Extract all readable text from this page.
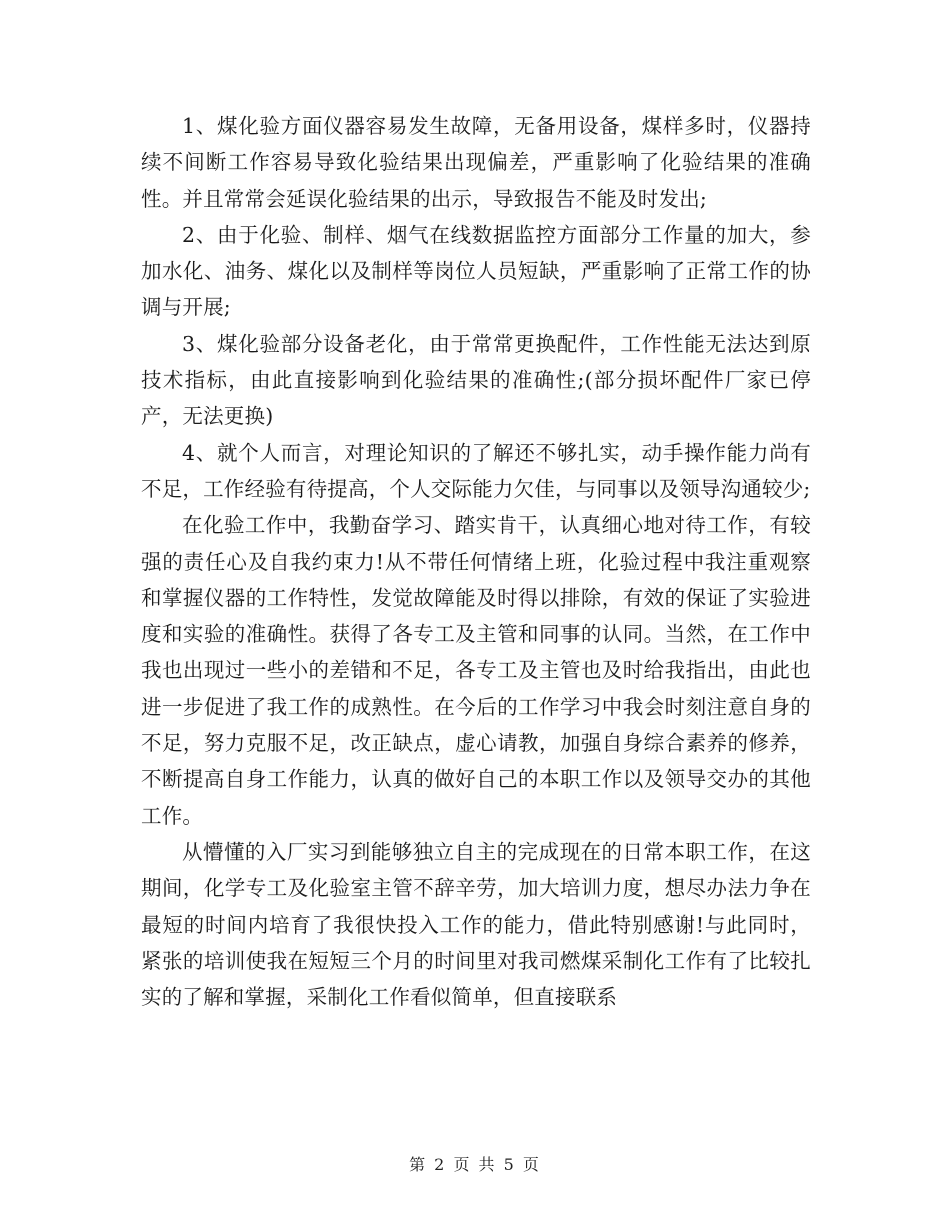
1、煤化验方面仪器容易发生故障，无备用设备，煤样多时，仪器持续不间断工作容易导致化验结果出现偏差，严重影响了化验结果的准确性。并且常常会延误化验结果的出示，导致报告不能及时发出;

2、由于化验、制样、烟气在线数据监控方面部分工作量的加大，参加水化、油务、煤化以及制样等岗位人员短缺，严重影响了正常工作的协调与开展;

3、煤化验部分设备老化，由于常常更换配件，工作性能无法达到原技术指标，由此直接影响到化验结果的准确性;(部分损坏配件厂家已停产，无法更换)

4、就个人而言，对理论知识的了解还不够扎实，动手操作能力尚有不足，工作经验有待提高，个人交际能力欠佳，与同事以及领导沟通较少;

在化验工作中，我勤奋学习、踏实肯干，认真细心地对待工作，有较强的责任心及自我约束力!从不带任何情绪上班，化验过程中我注重观察和掌握仪器的工作特性，发觉故障能及时得以排除，有效的保证了实验进度和实验的准确性。获得了各专工及主管和同事的认同。当然，在工作中我也出现过一些小的差错和不足，各专工及主管也及时给我指出，由此也进一步促进了我工作的成熟性。在今后的工作学习中我会时刻注意自身的不足，努力克服不足，改正缺点，虚心请教，加强自身综合素养的修养，不断提高自身工作能力，认真的做好自己的本职工作以及领导交办的其他工作。

从懵懂的入厂实习到能够独立自主的完成现在的日常本职工作，在这期间，化学专工及化验室主管不辞辛劳，加大培训力度，想尽办法力争在最短的时间内培育了我很快投入工作的能力，借此特别感谢!与此同时，紧张的培训使我在短短三个月的时间里对我司燃煤采制化工作有了比较扎实的了解和掌握，采制化工作看似简单，但直接联系

第 2 页 共 5 页
